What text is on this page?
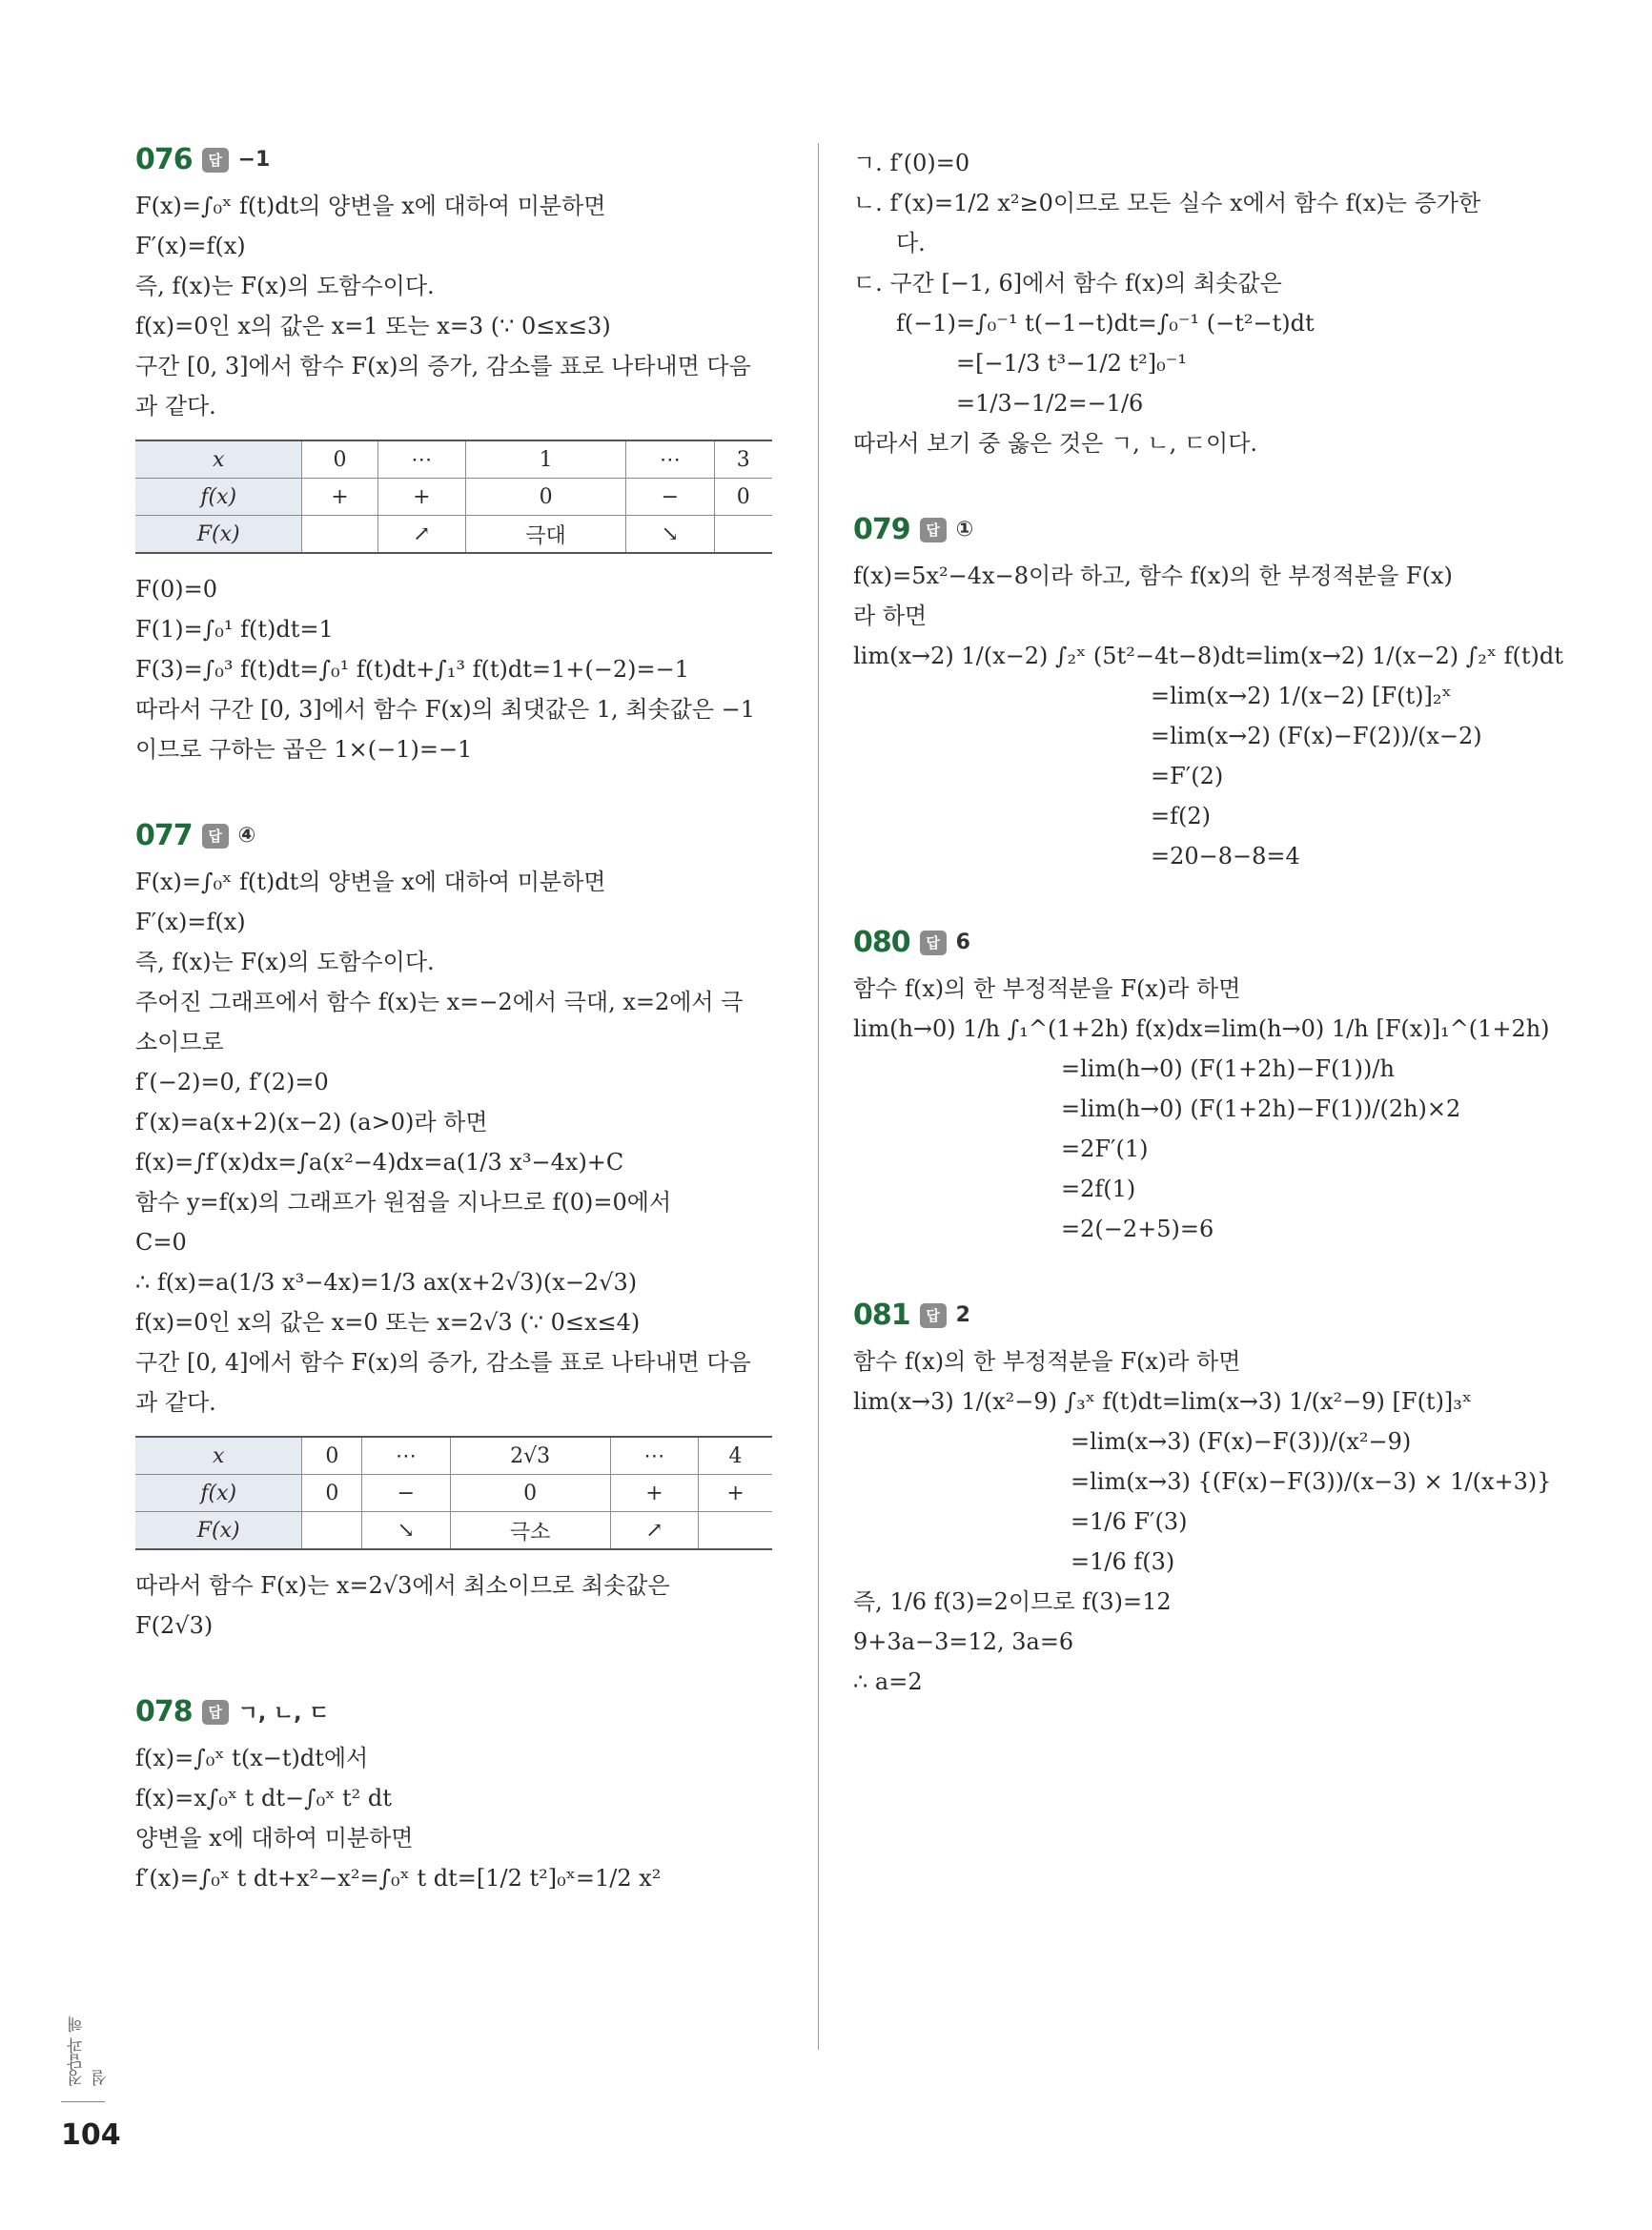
076	답 −1
F(x)=∫₀ˣ f(t)dt의 양변을 x에 대하여 미분하면
F′(x)=f(x)
즉, f(x)는 F(x)의 도함수이다.
f(x)=0인 x의 값은 x=1 또는 x=3 (∵ 0≤x≤3)
구간 [0, 3]에서 함수 F(x)의 증가, 감소를 표로 나타내면 다음
과 같다.
x	0	⋯	1	⋯	3
f(x)	+	+	0	−	0
F(x)		↗	극대	↘	
F(0)=0
F(1)=∫₀¹ f(t)dt=1
F(3)=∫₀³ f(t)dt=∫₀¹ f(t)dt+∫₁³ f(t)dt=1+(−2)=−1
따라서 구간 [0, 3]에서 함수 F(x)의 최댓값은 1, 최솟값은 −1
이므로 구하는 곱은 1×(−1)=−1
077	답 ④
F(x)=∫₀ˣ f(t)dt의 양변을 x에 대하여 미분하면
F′(x)=f(x)
즉, f(x)는 F(x)의 도함수이다.
주어진 그래프에서 함수 f(x)는 x=−2에서 극대, x=2에서 극
소이므로
f′(−2)=0, f′(2)=0
f′(x)=a(x+2)(x−2) (a>0)라 하면
f(x)=∫f′(x)dx=∫a(x²−4)dx=a(1/3 x³−4x)+C
함수 y=f(x)의 그래프가 원점을 지나므로 f(0)=0에서
C=0
∴ f(x)=a(1/3 x³−4x)=1/3 ax(x+2√3)(x−2√3)
f(x)=0인 x의 값은 x=0 또는 x=2√3 (∵ 0≤x≤4)
구간 [0, 4]에서 함수 F(x)의 증가, 감소를 표로 나타내면 다음
과 같다.
x	0	⋯	2√3	⋯	4
f(x)	0	−	0	+	+
F(x)		↘	극소	↗	
따라서 함수 F(x)는 x=2√3에서 최소이므로 최솟값은
F(2√3)
078	답 ㄱ, ㄴ, ㄷ
f(x)=∫₀ˣ t(x−t)dt에서
f(x)=x∫₀ˣ t dt−∫₀ˣ t² dt
양변을 x에 대하여 미분하면
f′(x)=∫₀ˣ t dt+x²−x²=∫₀ˣ t dt=[1/2 t²]₀ˣ=1/2 x²
ㄱ. f′(0)=0
ㄴ. f′(x)=1/2 x²≥0이므로 모든 실수 x에서 함수 f(x)는 증가한
다.
ㄷ. 구간 [−1, 6]에서 함수 f(x)의 최솟값은
f(−1)=∫₀⁻¹ t(−1−t)dt=∫₀⁻¹ (−t²−t)dt
=[−1/3 t³−1/2 t²]₀⁻¹
=1/3−1/2=−1/6
따라서 보기 중 옳은 것은 ㄱ, ㄴ, ㄷ이다.
079	답 ①
f(x)=5x²−4x−8이라 하고, 함수 f(x)의 한 부정적분을 F(x)
라 하면
lim(x→2) 1/(x−2) ∫₂ˣ (5t²−4t−8)dt=lim(x→2) 1/(x−2) ∫₂ˣ f(t)dt
=lim(x→2) 1/(x−2) [F(t)]₂ˣ
=lim(x→2) (F(x)−F(2))/(x−2)
=F′(2)
=f(2)
=20−8−8=4
080	답 6
함수 f(x)의 한 부정적분을 F(x)라 하면
lim(h→0) 1/h ∫₁^(1+2h) f(x)dx=lim(h→0) 1/h [F(x)]₁^(1+2h)
=lim(h→0) (F(1+2h)−F(1))/h
=lim(h→0) (F(1+2h)−F(1))/(2h)×2
=2F′(1)
=2f(1)
=2(−2+5)=6
081	답 2
함수 f(x)의 한 부정적분을 F(x)라 하면
lim(x→3) 1/(x²−9) ∫₃ˣ f(t)dt=lim(x→3) 1/(x²−9) [F(t)]₃ˣ
=lim(x→3) (F(x)−F(3))/(x²−9)
=lim(x→3) {(F(x)−F(3))/(x−3) × 1/(x+3)}
=1/6 F′(3)
=1/6 f(3)
즉, 1/6 f(3)=2이므로 f(3)=12
9+3a−3=12, 3a=6
∴ a=2
정답과 해설
104
